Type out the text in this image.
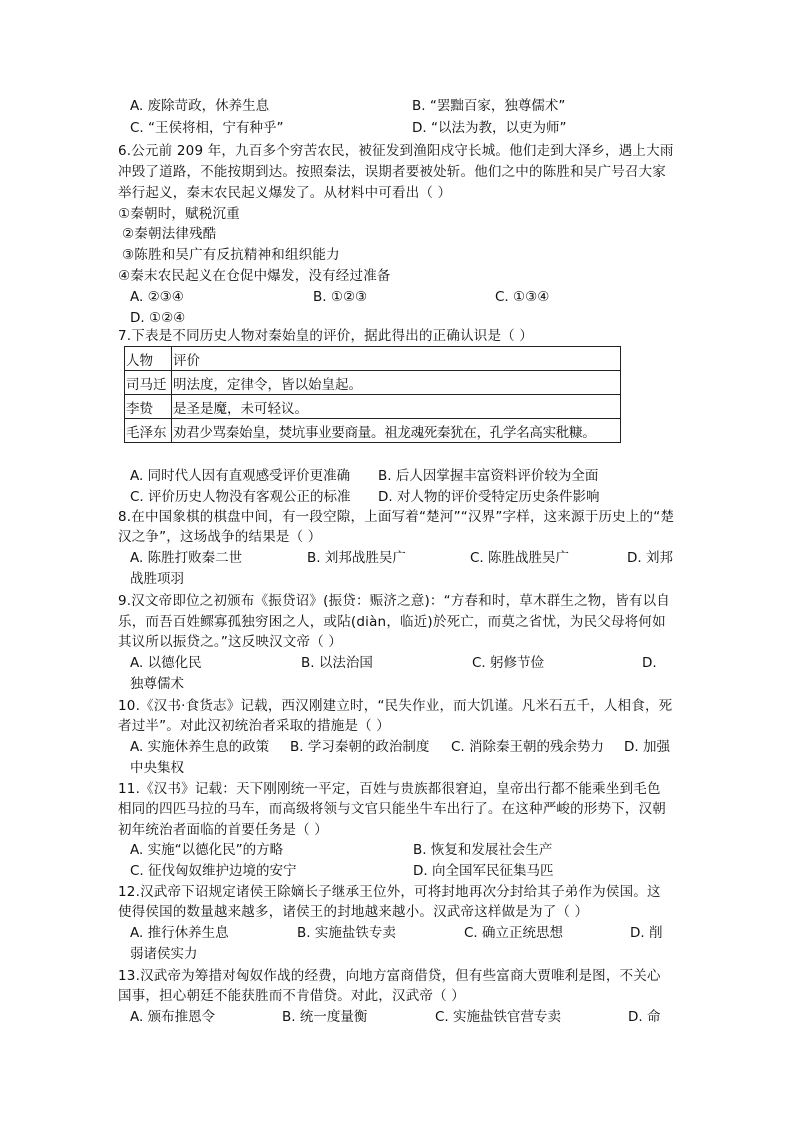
A. 废除苛政，休养生息	B. “罢黜百家，独尊儒术”
C. “王侯将相，宁有种乎”	D. “以法为教，以吏为师”
6.公元前 209 年，九百多个穷苦农民，被征发到渔阳戍守长城。他们走到大泽乡，遇上大雨
冲毁了道路，不能按期到达。按照秦法，误期者要被处斩。他们之中的陈胜和吴广号召大家
举行起义，秦末农民起义爆发了。从材料中可看出（ ）
①秦朝时，赋税沉重
②秦朝法律残酷
③陈胜和吴广有反抗精神和组织能力
④秦末农民起义在仓促中爆发，没有经过准备
A. ②③④	B. ①②③	C. ①③④
D. ①②④
7.下表是不同历史人物对秦始皇的评价，据此得出的正确认识是（ ）
人物	评价
司马迁	明法度，定律令，皆以始皇起。
李贽	是圣是魔，未可轻议。
毛泽东	劝君少骂秦始皇，焚坑事业要商量。祖龙魂死秦犹在，孔学名高实秕糠。
A. 同时代人因有直观感受评价更准确 B. 后人因掌握丰富资料评价较为全面
C. 评价历史人物没有客观公正的标准 D. 对人物的评价受特定历史条件影响
8.在中国象棋的棋盘中间，有一段空隙，上面写着“楚河”“汉界”字样，这来源于历史上的“楚
汉之争”，这场战争的结果是（ ）
A. 陈胜打败秦二世	B. 刘邦战胜吴广	C. 陈胜战胜吴广	D. 刘邦
战胜项羽
9.汉文帝即位之初颁布《振贷诏》(振贷：赈济之意)：“方春和时，草木群生之物，皆有以自
乐，而吾百姓鳏寡孤独穷困之人，或阽(diàn，临近)於死亡，而莫之省忧，为民父母将何如
其议所以振贷之。”这反映汉文帝（ ）
A. 以德化民	B. 以法治国	C. 躬修节俭	D.
独尊儒术
10.《汉书·食货志》记载，西汉刚建立时，“民失作业，而大饥谨。凡米石五千，人相食，死
者过半”。对此汉初统治者采取的措施是（ ）
A. 实施休养生息的政策 B. 学习秦朝的政治制度 C. 消除秦王朝的残余势力 D. 加强
中央集权
11.《汉书》记载：天下刚刚统一平定，百姓与贵族都很窘迫，皇帝出行都不能乘坐到毛色
相同的四匹马拉的马车，而高级将领与文官只能坐牛车出行了。在这种严峻的形势下，汉朝
初年统治者面临的首要任务是（ ）
A. 实施“以德化民”的方略	B. 恢复和发展社会生产
C. 征伐匈奴维护边境的安宁	D. 向全国军民征集马匹
12.汉武帝下诏规定诸侯王除嫡长子继承王位外，可将封地再次分封给其子弟作为侯国。这
使得侯国的数量越来越多，诸侯王的封地越来越小。汉武帝这样做是为了（ ）
A. 推行休养生息	B. 实施盐铁专卖	C. 确立正统思想	D. 削
弱诸侯实力
13.汉武帝为筹措对匈奴作战的经费，向地方富商借贷，但有些富商大贾唯利是图，不关心
国事，担心朝廷不能获胜而不肯借贷。对此，汉武帝（ ）
A. 颁布推恩令	B. 统一度量衡	C. 实施盐铁官营专卖	D. 命
